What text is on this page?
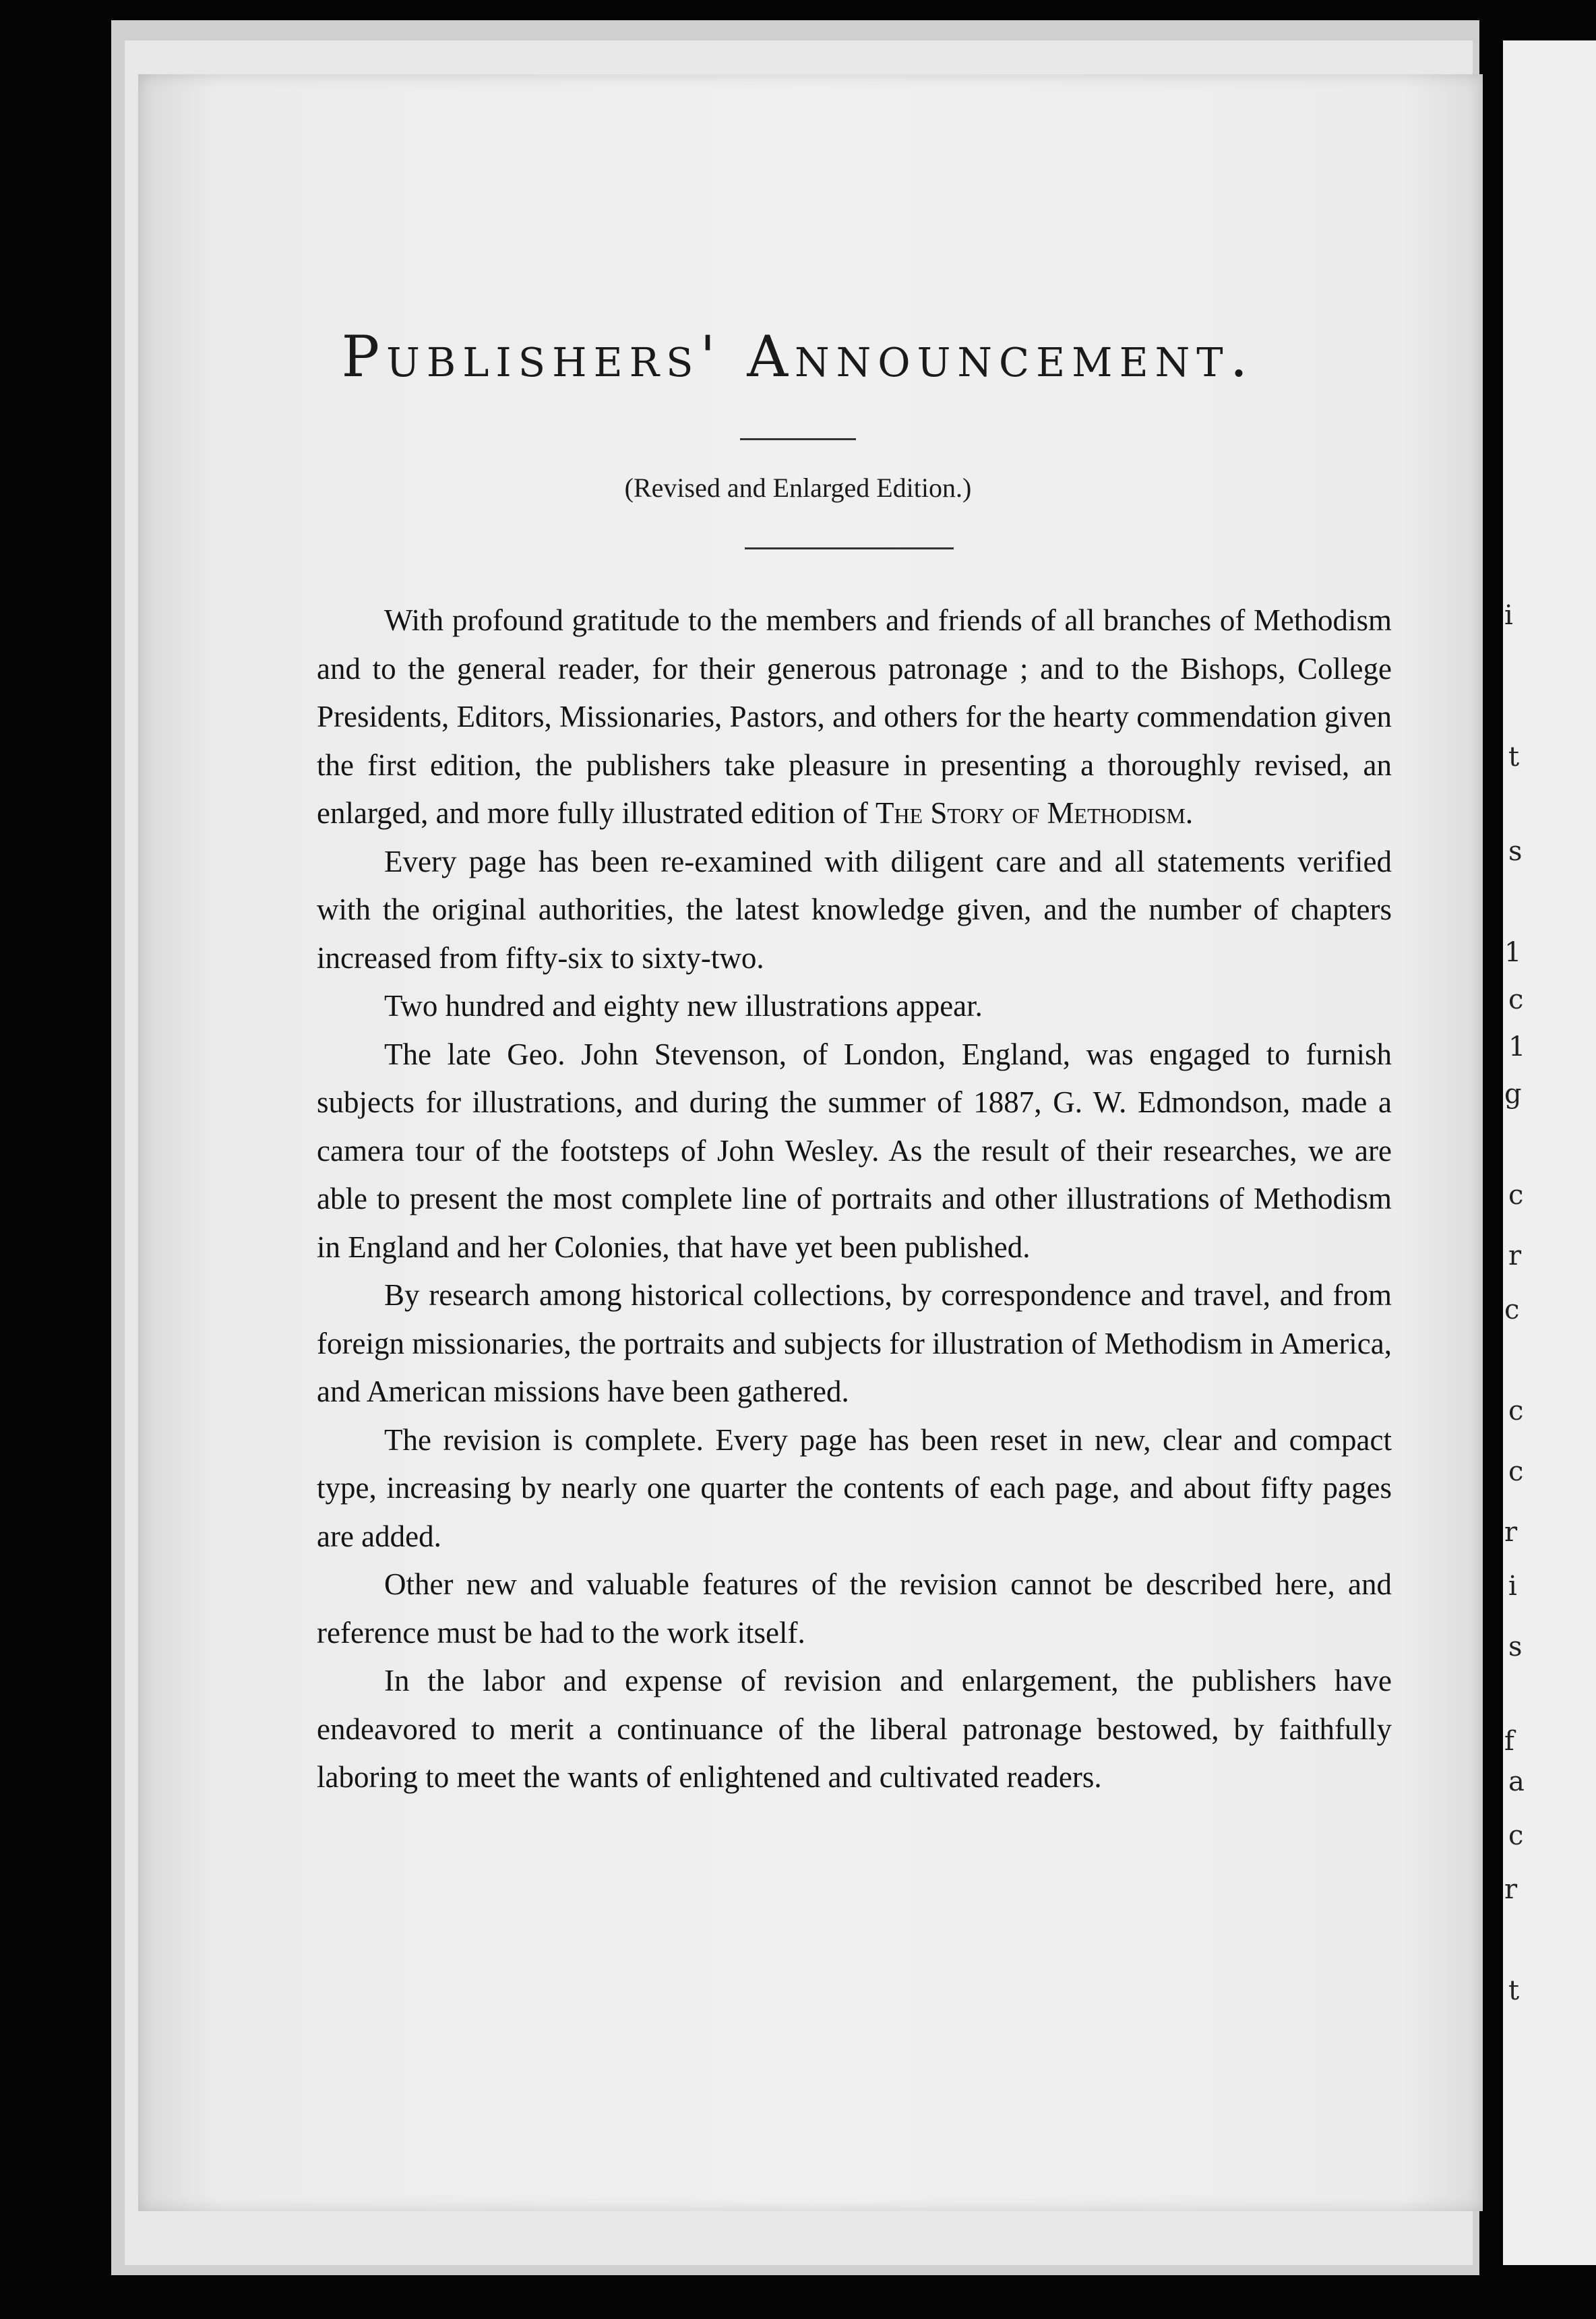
i
t
s
1
c
1
g
c
r
c
c
c
r
i
s
f
a
c
r
t
Publishers' Announcement.
(Revised and Enlarged Edition.)

With profound gratitude to the members and friends of all branches of Methodism and to the general reader, for their generous patronage ; and to the Bishops, College Presidents, Editors, Missionaries, Pastors, and others for the hearty commendation given the first edition, the publishers take pleasure in presenting a thoroughly revised, an enlarged, and more fully illustrated edition of The Story of Methodism.

Every page has been re-examined with diligent care and all statements verified with the original authorities, the latest knowledge given, and the number of chapters increased from fifty-six to sixty-two.

Two hundred and eighty new illustrations appear.

The late Geo. John Stevenson, of London, England, was engaged to furnish subjects for illustrations, and during the summer of 1887, G. W. Edmondson, made a camera tour of the footsteps of John Wesley. As the result of their researches, we are able to present the most complete line of portraits and other illustrations of Methodism in England and her Colonies, that have yet been published.

By research among historical collections, by correspondence and travel, and from foreign missionaries, the portraits and subjects for illustration of Methodism in America, and American missions have been gathered.

The revision is complete. Every page has been reset in new, clear and compact type, increasing by nearly one quarter the contents of each page, and about fifty pages are added.

Other new and valuable features of the revision cannot be described here, and reference must be had to the work itself.

In the labor and expense of revision and enlargement, the publishers have endeavored to merit a continuance of the liberal patronage bestowed, by faithfully laboring to meet the wants of enlightened and cultivated readers.
